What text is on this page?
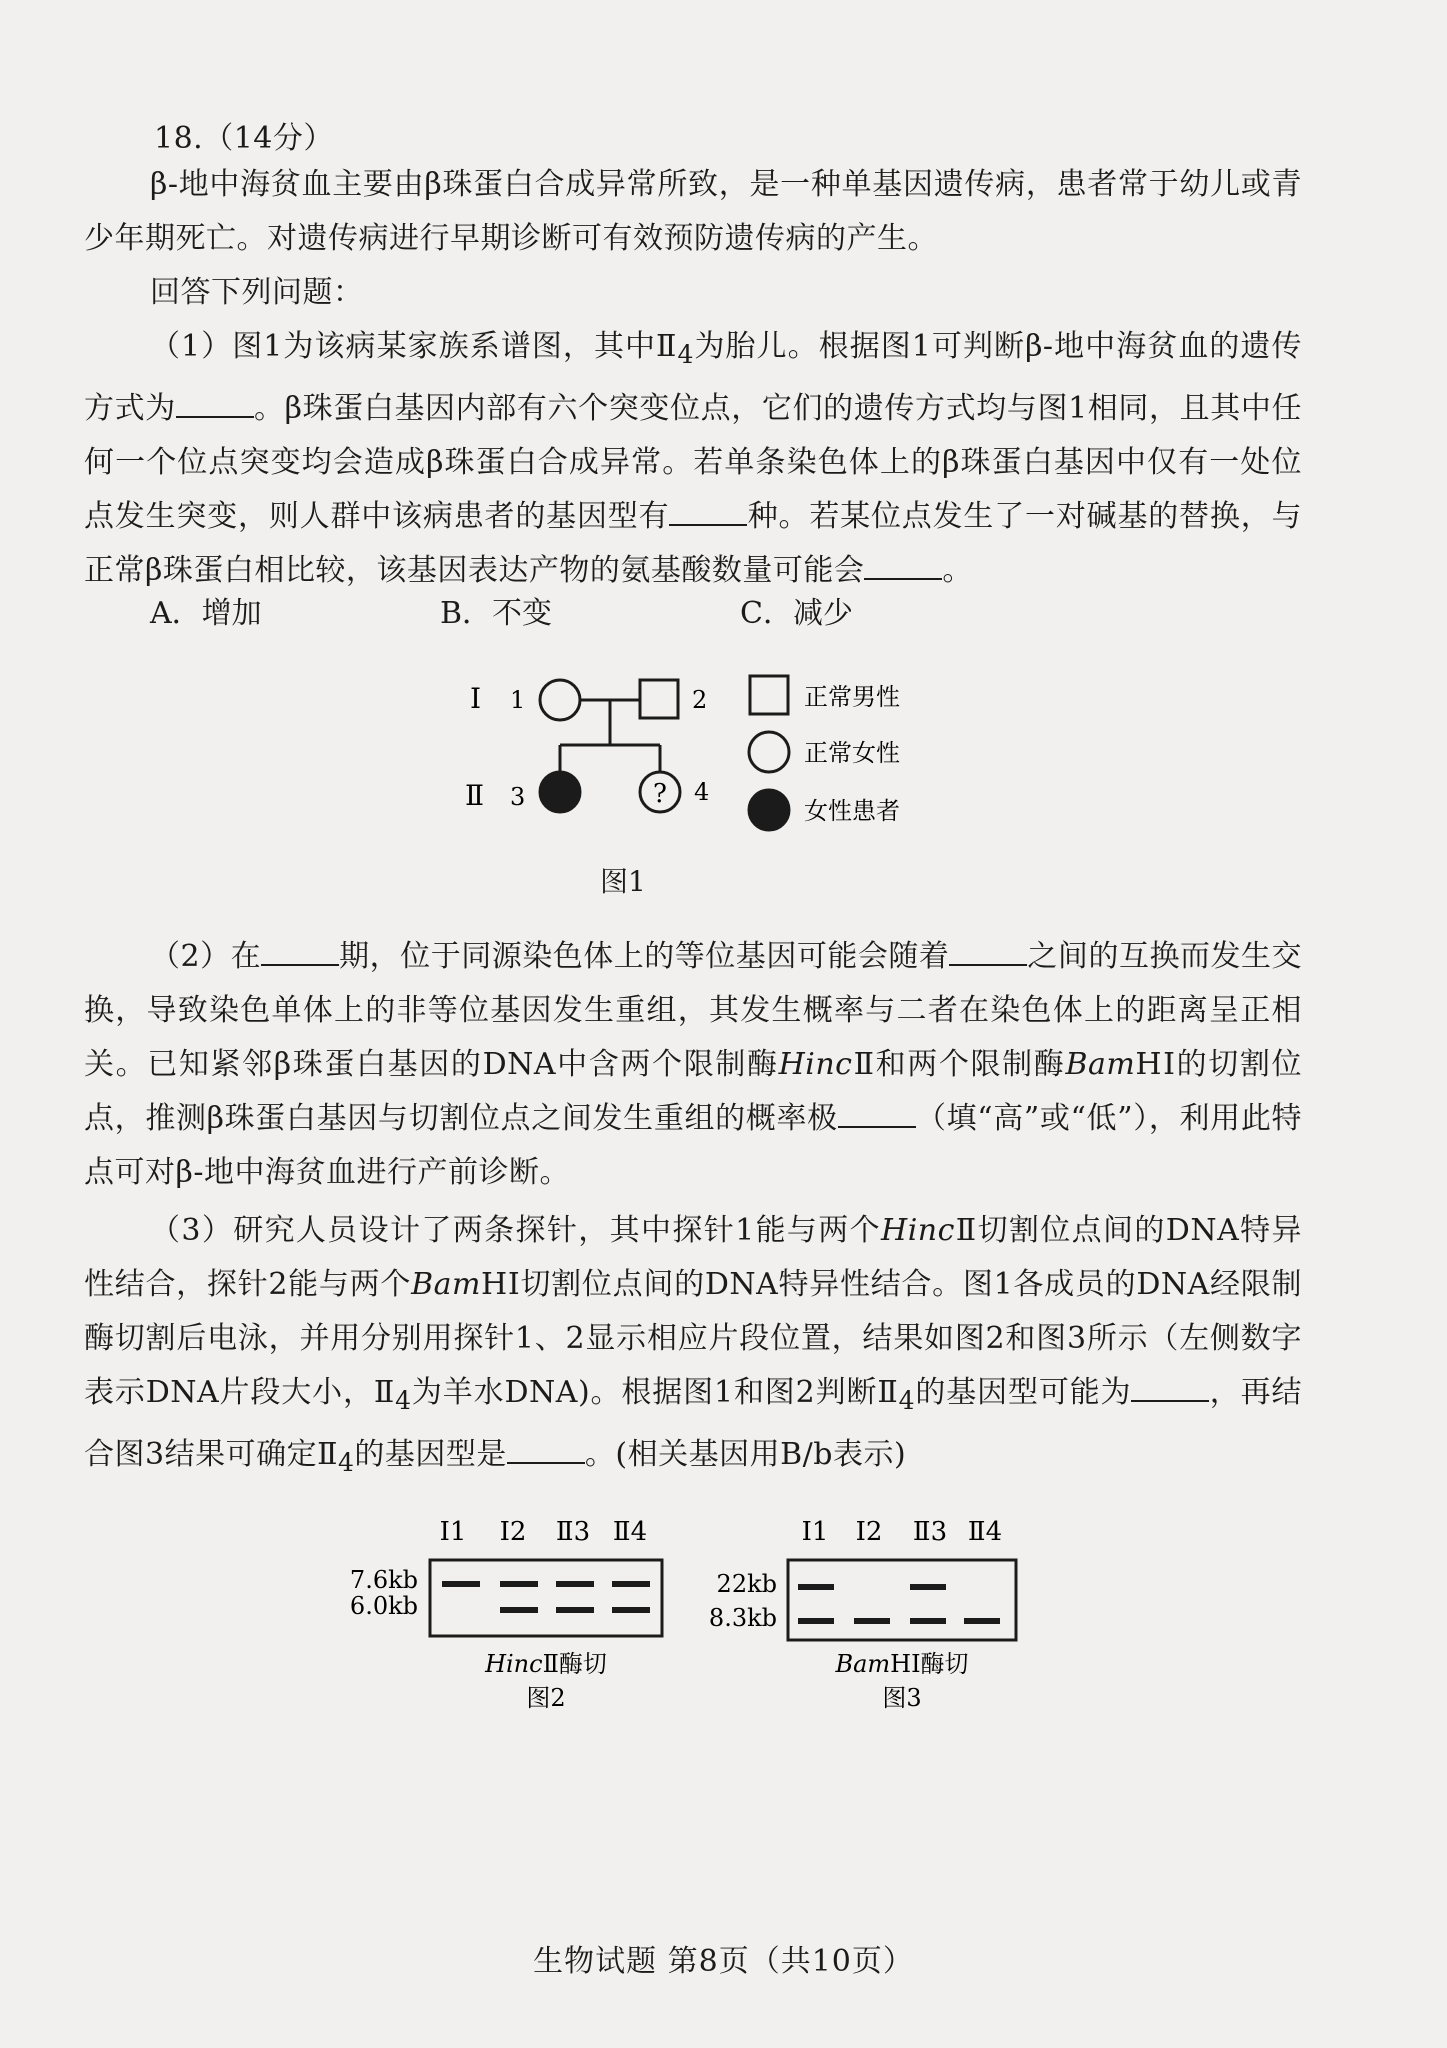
18.（14分）
β-地中海贫血主要由β珠蛋白合成异常所致，是一种单基因遗传病，患者常于幼儿或青少年期死亡。对遗传病进行早期诊断可有效预防遗传病的产生。
回答下列问题：
（1）图1为该病某家族系谱图，其中$Ⅱ_4$为胎儿。根据图1可判断β-地中海贫血的遗传方式为	。β珠蛋白基因内部有六个突变位点，它们的遗传方式均与图1相同，且其中任何一个位点突变均会造成β珠蛋白合成异常。若单条染色体上的β珠蛋白基因中仅有一处位点发生突变，则人群中该病患者的基因型有	种。若某位点发生了一对碱基的替换，与正常β珠蛋白相比较，该基因表达产物的氨基酸数量可能会	。
A．增加	B．不变	C．减少
Ⅰ 1	2
Ⅱ 3	? 4
正常男性
正常女性
女性患者
图1
（2）在	期，位于同源染色体上的等位基因可能会随着	之间的互换而发生交换，导致染色单体上的非等位基因发生重组，其发生概率与二者在染色体上的距离呈正相关。已知紧邻β珠蛋白基因的DNA中含两个限制酶HincⅡ和两个限制酶BamHⅠ的切割位点，推测β珠蛋白基因与切割位点之间发生重组的概率极	（填“高”或“低”），利用此特点可对β-地中海贫血进行产前诊断。
（3）研究人员设计了两条探针，其中探针1能与两个HincⅡ切割位点间的DNA特异性结合，探针2能与两个BamHⅠ切割位点间的DNA特异性结合。图1各成员的DNA经限制酶切割后电泳，并用分别用探针1、2显示相应片段位置，结果如图2和图3所示（左侧数字表示DNA片段大小，$Ⅱ_4$为羊水DNA)。根据图1和图2判断$Ⅱ_4$的基因型可能为	，再结合图3结果可确定$Ⅱ_4$的基因型是	。(相关基因用B/b表示)
Ⅰ1 Ⅰ2 Ⅱ3 Ⅱ4
7.6kb
6.0kb
HincⅡ酶切
图2
Ⅰ1 Ⅰ2 Ⅱ3 Ⅱ4
22kb
8.3kb
BamHⅠ酶切
图3
生物试题 第8页（共10页）
